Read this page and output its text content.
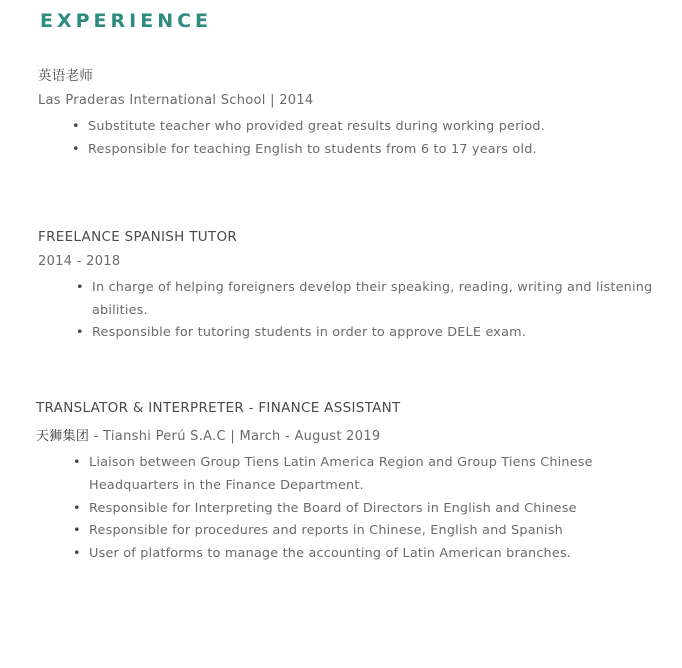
EXPERIENCE
英语老师
Las Praderas International School | 2014
• Substitute teacher who provided great results during working period.
• Responsible for teaching English to students from 6 to 17 years old.
FREELANCE SPANISH TUTOR
2014 - 2018
• In charge of helping foreigners develop their speaking, reading, writing and listening abilities.
• Responsible for tutoring students in order to approve DELE exam.
TRANSLATOR & INTERPRETER - FINANCE ASSISTANT
天狮集团 - Tianshi Perú S.A.C | March - August 2019
• Liaison between Group Tiens Latin America Region and Group Tiens Chinese Headquarters in the Finance Department.
• Responsible for Interpreting the Board of Directors in English and Chinese
• Responsible for procedures and reports in Chinese, English and Spanish
• User of platforms to manage the accounting of Latin American branches.
